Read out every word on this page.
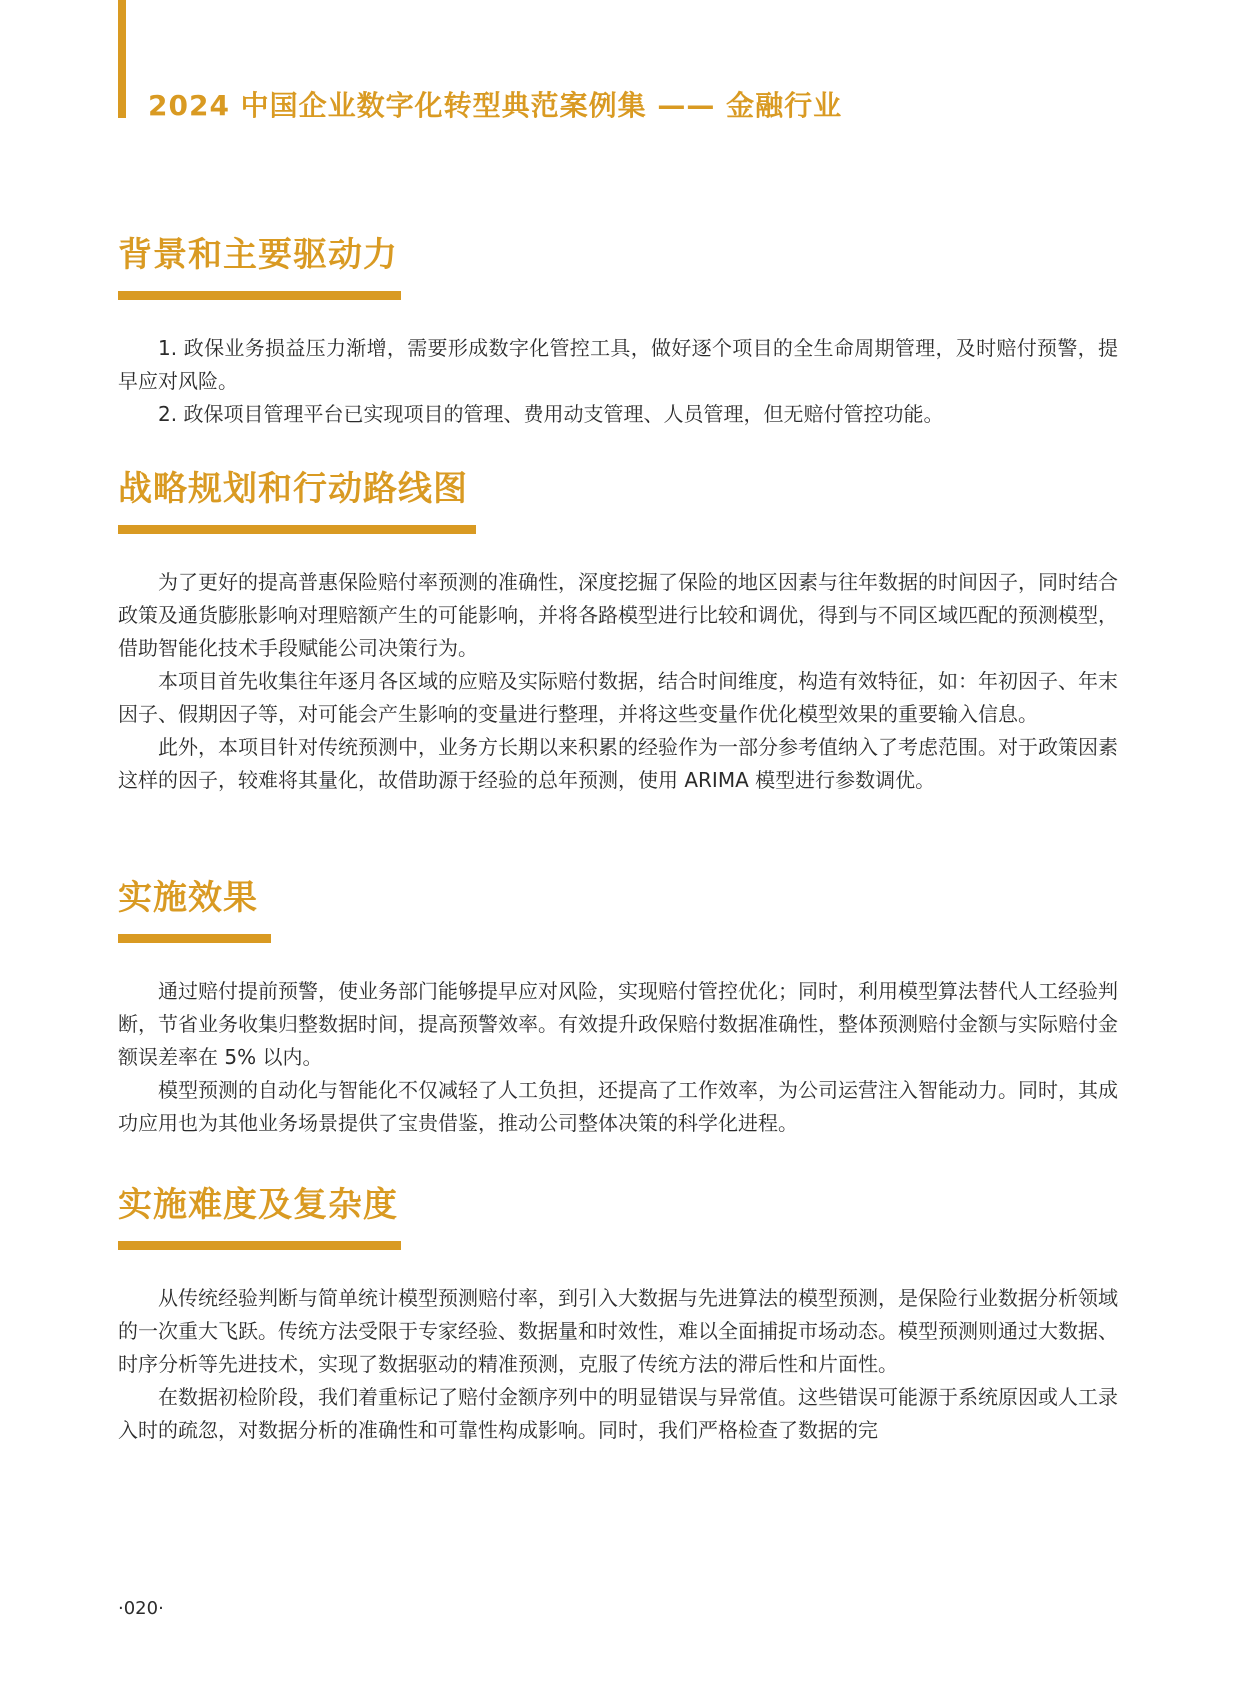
2024 中国企业数字化转型典范案例集 —— 金融行业
背景和主要驱动力

1. 政保业务损益压力渐增，需要形成数字化管控工具，做好逐个项目的全生命周期管理，及时赔付预警，提早应对风险。

2. 政保项目管理平台已实现项目的管理、费用动支管理、人员管理，但无赔付管控功能。

战略规划和行动路线图

为了更好的提高普惠保险赔付率预测的准确性，深度挖掘了保险的地区因素与往年数据的时间因子，同时结合政策及通货膨胀影响对理赔额产生的可能影响，并将各路模型进行比较和调优，得到与不同区域匹配的预测模型，借助智能化技术手段赋能公司决策行为。

本项目首先收集往年逐月各区域的应赔及实际赔付数据，结合时间维度，构造有效特征，如：年初因子、年末因子、假期因子等，对可能会产生影响的变量进行整理，并将这些变量作优化模型效果的重要输入信息。

此外，本项目针对传统预测中，业务方长期以来积累的经验作为一部分参考值纳入了考虑范围。对于政策因素这样的因子，较难将其量化，故借助源于经验的总年预测，使用 ARIMA 模型进行参数调优。

实施效果

通过赔付提前预警，使业务部门能够提早应对风险，实现赔付管控优化；同时，利用模型算法替代人工经验判断，节省业务收集归整数据时间，提高预警效率。有效提升政保赔付数据准确性，整体预测赔付金额与实际赔付金额误差率在 5% 以内。

模型预测的自动化与智能化不仅减轻了人工负担，还提高了工作效率，为公司运营注入智能动力。同时，其成功应用也为其他业务场景提供了宝贵借鉴，推动公司整体决策的科学化进程。

实施难度及复杂度

从传统经验判断与简单统计模型预测赔付率，到引入大数据与先进算法的模型预测，是保险行业数据分析领域的一次重大飞跃。传统方法受限于专家经验、数据量和时效性，难以全面捕捉市场动态。模型预测则通过大数据、时序分析等先进技术，实现了数据驱动的精准预测，克服了传统方法的滞后性和片面性。

在数据初检阶段，我们着重标记了赔付金额序列中的明显错误与异常值。这些错误可能源于系统原因或人工录入时的疏忽，对数据分析的准确性和可靠性构成影响。同时，我们严格检查了数据的完

·020·
